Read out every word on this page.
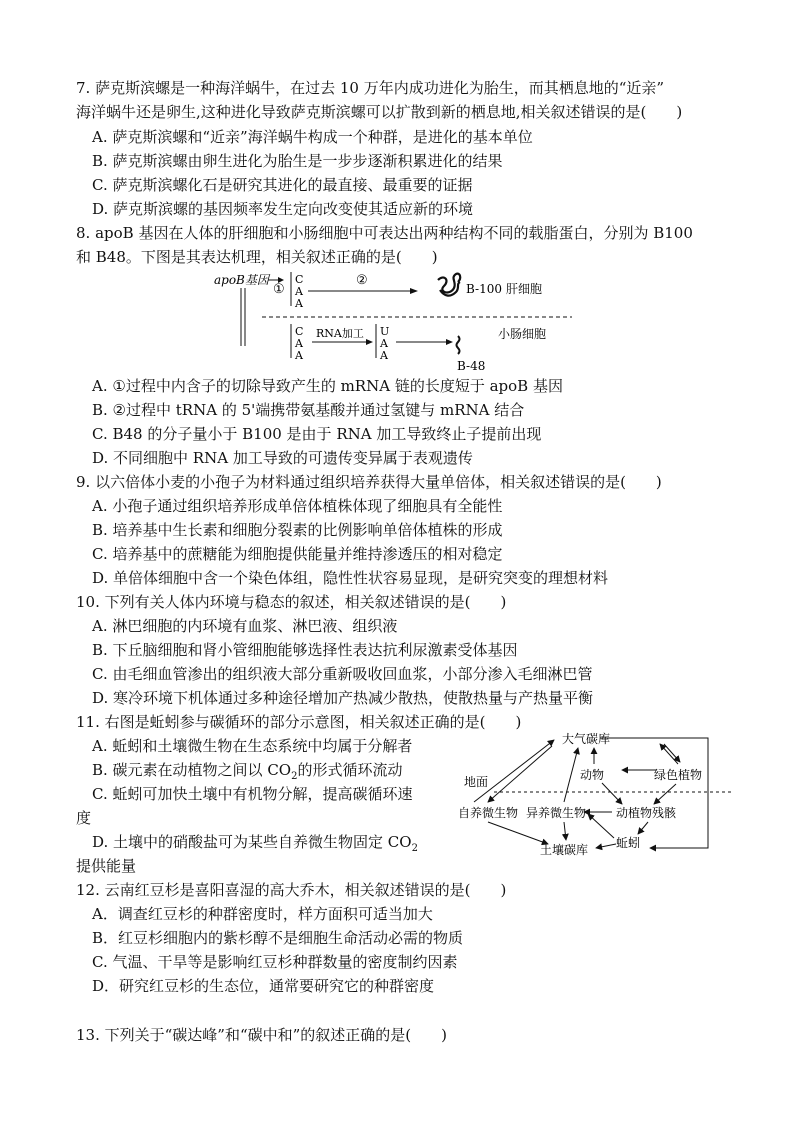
7. 萨克斯滨螺是一种海洋蜗牛，在过去 10 万年内成功进化为胎生，而其栖息地的“近亲”
海洋蜗牛还是卵生,这种进化导致萨克斯滨螺可以扩散到新的栖息地,相关叙述错误的是(　　)
A. 萨克斯滨螺和“近亲”海洋蜗牛构成一个种群，是进化的基本单位
B. 萨克斯滨螺由卵生进化为胎生是一步步逐渐积累进化的结果
C. 萨克斯滨螺化石是研究其进化的最直接、最重要的证据
D. 萨克斯滨螺的基因频率发生定向改变使其适应新的环境
8. apoB 基因在人体的肝细胞和小肠细胞中可表达出两种结构不同的载脂蛋白，分别为 B100
和 B48。下图是其表达机理，相关叙述正确的是(　　)
apoB基因
①
C
A
A
②
B-100 肝细胞
C
A
A
RNA加工 U
A
A
B-48
小肠细胞
A. ①过程中内含子的切除导致产生的 mRNA 链的长度短于 apoB 基因
B. ②过程中 tRNA 的 5'端携带氨基酸并通过氢键与 mRNA 结合
C. B48 的分子量小于 B100 是由于 RNA 加工导致终止子提前出现
D. 不同细胞中 RNA 加工导致的可遗传变异属于表观遗传
9. 以六倍体小麦的小孢子为材料通过组织培养获得大量单倍体，相关叙述错误的是(　　)
A. 小孢子通过组织培养形成单倍体植株体现了细胞具有全能性
B. 培养基中生长素和细胞分裂素的比例影响单倍体植株的形成
C. 培养基中的蔗糖能为细胞提供能量并维持渗透压的相对稳定
D. 单倍体细胞中含一个染色体组，隐性性状容易显现，是研究突变的理想材料
10. 下列有关人体内环境与稳态的叙述，相关叙述错误的是(　　)
A. 淋巴细胞的内环境有血浆、淋巴液、组织液
B. 下丘脑细胞和肾小管细胞能够选择性表达抗利尿激素受体基因
C. 由毛细血管渗出的组织液大部分重新吸收回血浆，小部分渗入毛细淋巴管
D. 寒冷环境下机体通过多种途径增加产热减少散热，使散热量与产热量平衡
11. 右图是蚯蚓参与碳循环的部分示意图，相关叙述正确的是(　　)
A. 蚯蚓和土壤微生物在生态系统中均属于分解者
B. 碳元素在动植物之间以 $CO_2$的形式循环流动
C. 蚯蚓可加快土壤中有机物分解，提高碳循环速
度
D. 土壤中的硝酸盐可为某些自养微生物固定 $CO_2$
提供能量
大气碳库
动物	绿色植物
地面
自养微生物 异养微生物 动植物残骸
蚯蚓
土壤碳库
12. 云南红豆杉是喜阳喜湿的高大乔木，相关叙述错误的是(　　)
A．调查红豆杉的种群密度时，样方面积可适当加大
B．红豆杉细胞内的紫杉醇不是细胞生命活动必需的物质
C. 气温、干旱等是影响红豆杉种群数量的密度制约因素
D．研究红豆杉的生态位，通常要研究它的种群密度
13. 下列关于“碳达峰”和“碳中和”的叙述正确的是(　　)
